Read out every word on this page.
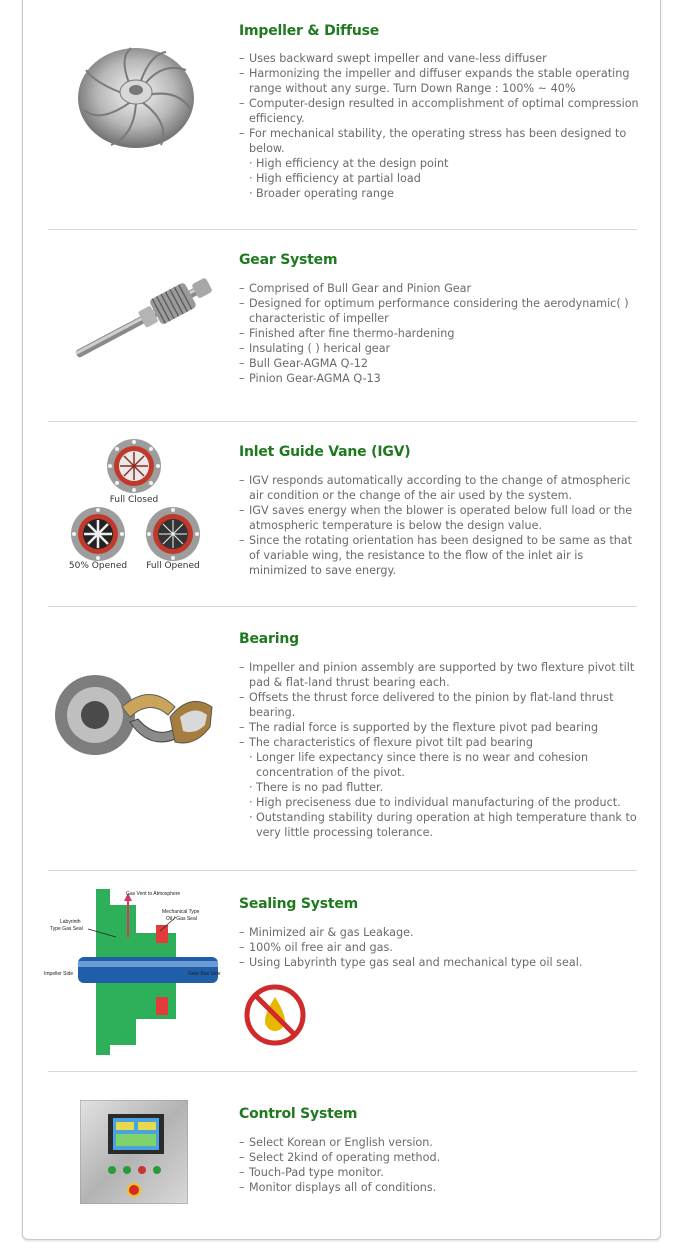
Impeller & Diffuse
– Uses backward swept impeller and vane-less diffuser
– Harmonizing the impeller and diffuser expands the stable operating range without any surge. Turn Down Range : 100% ~ 40%
– Computer-design resulted in accomplishment of optimal compression efficiency.
– For mechanical stability, the operating stress has been designed to below.
· High efficiency at the design point
· High efficiency at partial load
· Broader operating range
Gear System
– Comprised of Bull Gear and Pinion Gear
– Designed for optimum performance considering the aerodynamic( ) characteristic of impeller
– Finished after fine thermo-hardening
– Insulating ( ) herical gear
– Bull Gear-AGMA Q-12
– Pinion Gear-AGMA Q-13
Full Closed
50% Opened	Full Opened
Inlet Guide Vane (IGV)
– IGV responds automatically according to the change of atmospheric air condition or the change of the air used by the system.
– IGV saves energy when the blower is operated below full load or the atmospheric temperature is below the design value.
– Since the rotating orientation has been designed to be same as that of variable wing, the resistance to the flow of the inlet air is minimized to save energy.
Bearing
– Impeller and pinion assembly are supported by two flexture pivot tilt pad & flat-land thrust bearing each.
– Offsets the thrust force delivered to the pinion by flat-land thrust bearing.
– The radial force is supported by the flexture pivot pad bearing
– The characteristics of flexure pivot tilt pad bearing
· Longer life expectancy since there is no wear and cohesion concentration of the pivot.
· There is no pad flutter.
· High preciseness due to individual manufacturing of the product.
· Outstanding stability during operation at high temperature thank to very little processing tolerance.
Gas Vent to Atmosphere
Mechanical Type
Oil / Gas Seal
Labyrinth
Type Gas Seal
Impeller Side	Gear Box Side
Sealing System
– Minimized air & gas Leakage.
– 100% oil free air and gas.
– Using Labyrinth type gas seal and mechanical type oil seal.
Control System
– Select Korean or English version.
– Select 2kind of operating method.
– Touch-Pad type monitor.
– Monitor displays all of conditions.
